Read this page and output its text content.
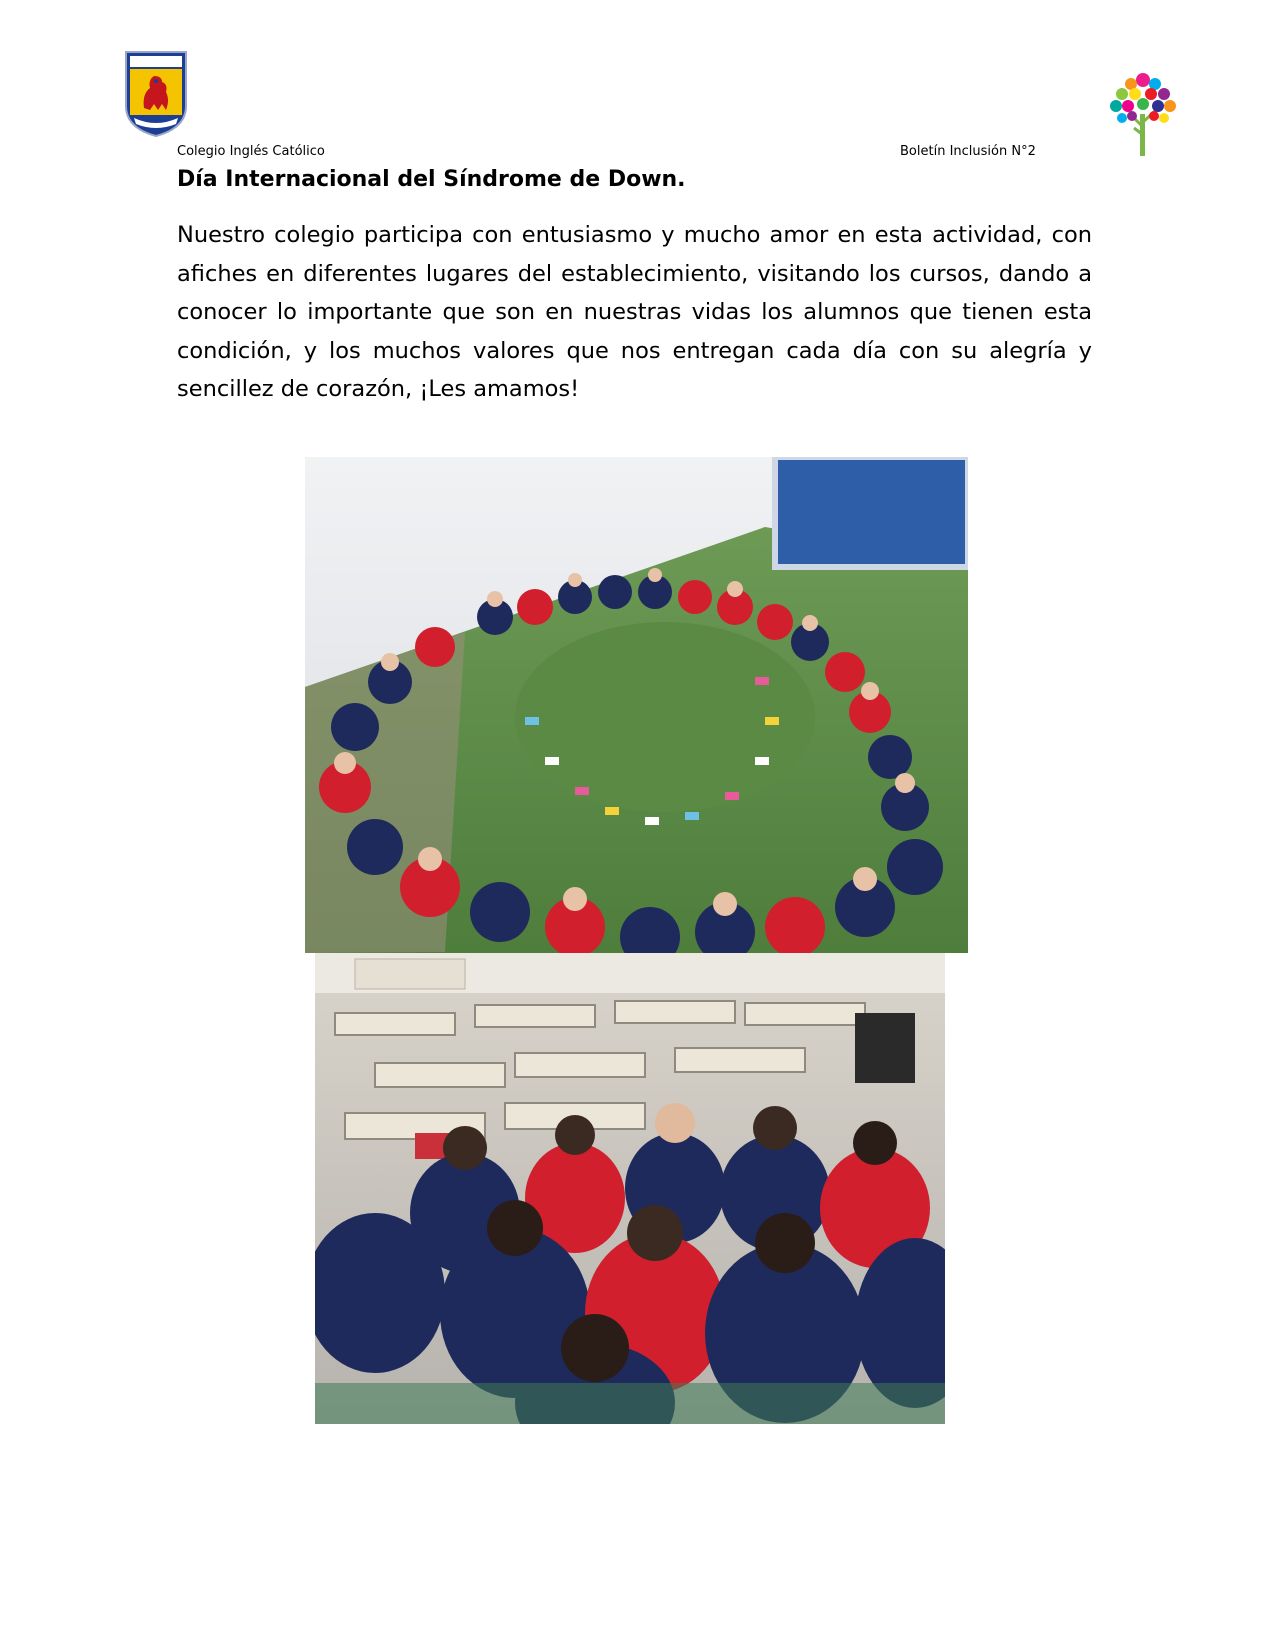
Colegio Inglés Católico	Boletín Inclusión N°2
Día Internacional del Síndrome de Down.

Nuestro colegio participa con entusiasmo y mucho amor en esta actividad, con afiches en diferentes lugares del establecimiento, visitando los cursos, dando a conocer lo importante que son en nuestras vidas los alumnos que tienen esta condición, y los muchos valores que nos entregan cada día con su alegría y sencillez de corazón, ¡Les amamos!
